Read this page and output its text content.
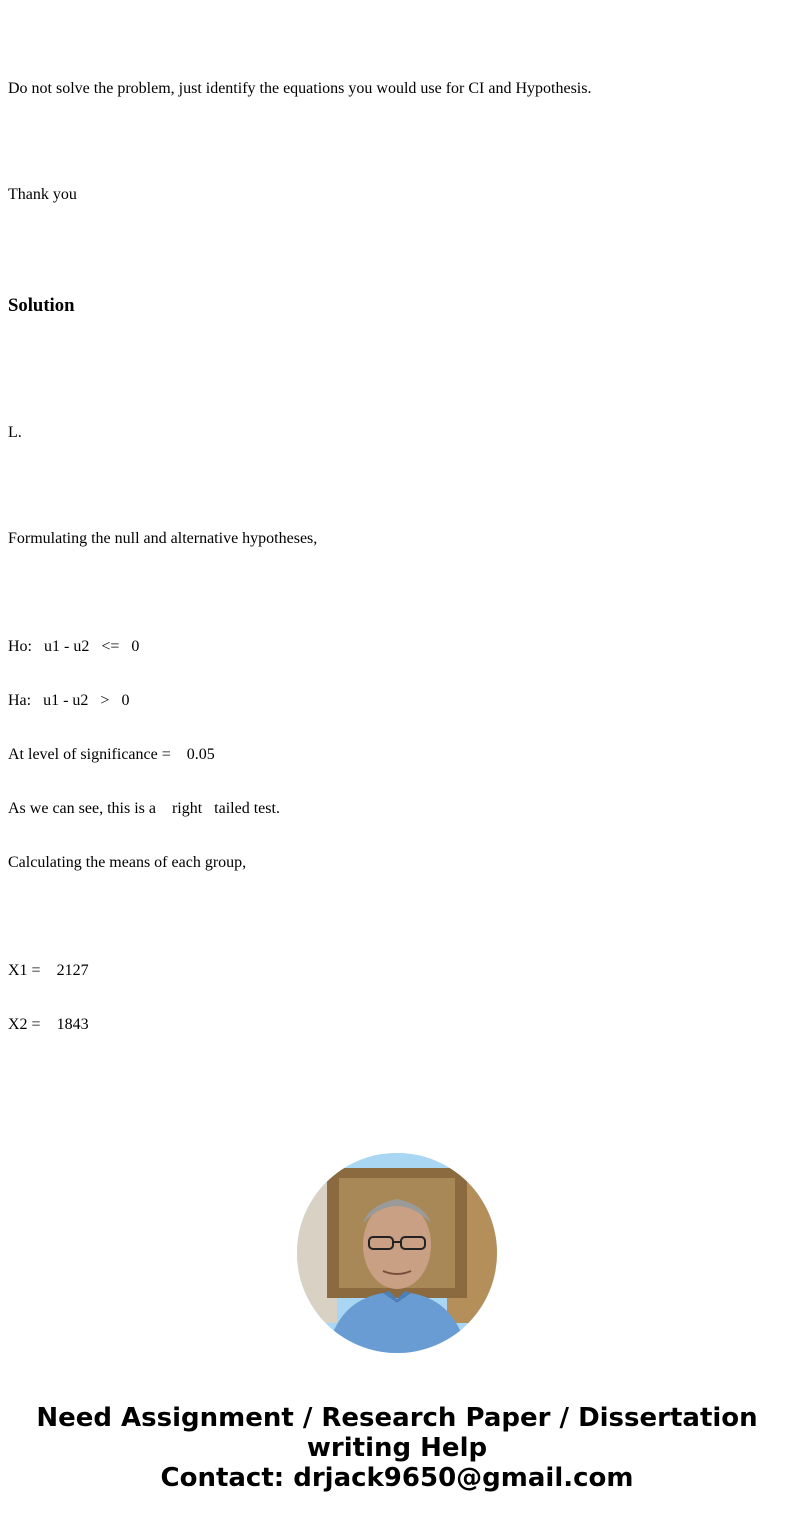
Do not solve the problem, just identify the equations you would use for CI and Hypothesis.

Thank you

Solution

L.

Formulating the null and alternative hypotheses,

Ho:   u1 - u2   <=   0

Ha:   u1 - u2   >   0

At level of significance =    0.05

As we can see, this is a    right   tailed test.

Calculating the means of each group,

X1 =    2127

X2 =    1843

Need Assignment / Research Paper / Dissertation
writing Help
Contact: drjack9650@gmail.com
